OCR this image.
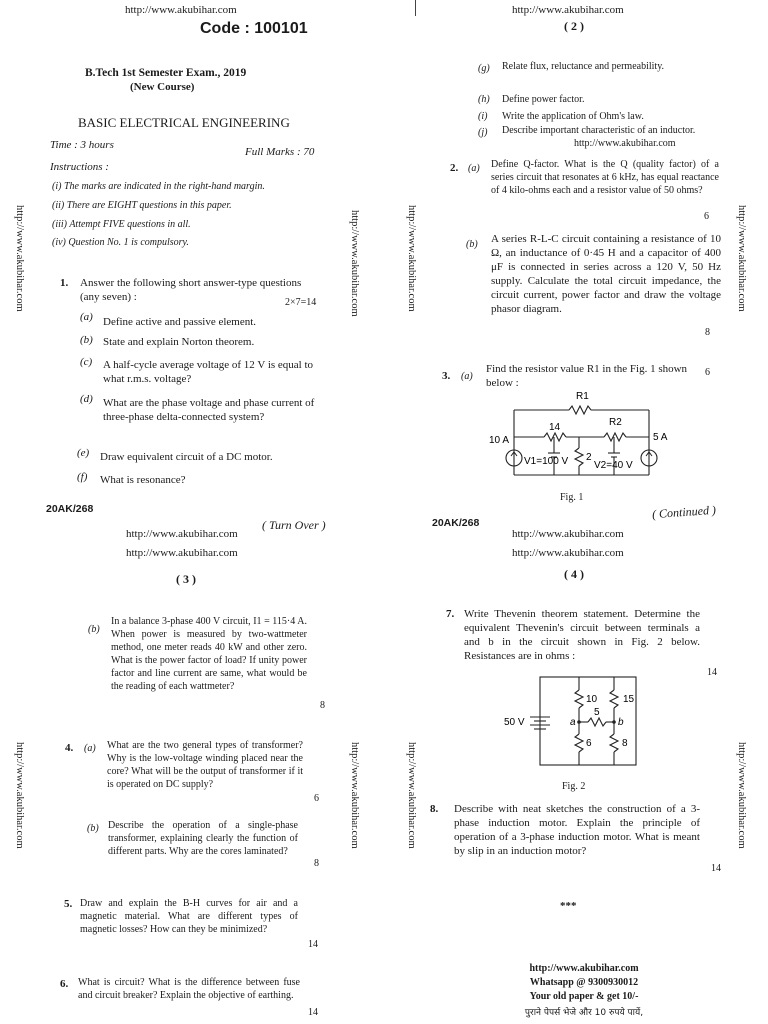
http://www.akubihar.com
Code : 100101
B.Tech 1st Semester Exam., 2019
(New Course)
BASIC ELECTRICAL ENGINEERING
Time : 3 hours
Full Marks : 70
Instructions :
(i) The marks are indicated in the right-hand margin.
(ii) There are EIGHT questions in this paper.
(iii) Attempt FIVE questions in all.
(iv) Question No. 1 is compulsory.
http://www.akubihar.com	http://www.akubihar.com
1. Answer the following short answer-type questions (any seven) :	2×7=14
(a) Define active and passive element.
(b) State and explain Norton theorem.
(c) A half-cycle average voltage of 12 V is equal to what r.m.s. voltage?
(d) What are the phase voltage and phase current of three-phase delta-connected system?
(e) Draw equivalent circuit of a DC motor.
(f) What is resonance?
20AK/268
( Turn Over )
http://www.akubihar.com
( 2 )
http://www.akubihar.com	http://www.akubihar.com
(g) Relate flux, reluctance and permeability.
(h) Define power factor.
(i) Write the application of Ohm's law.
(j) Describe important characteristic of an inductor.
http://www.akubihar.com
2. (a) Define Q-factor. What is the Q (quality factor) of a series circuit that resonates at 6 kHz, has equal reactance of 4 kilo-ohms each and a resistor value of 50 ohms?
6
(b) A series R-L-C circuit containing a resistance of 10 Ω, an inductance of 0·45 H and a capacitor of 400 μF is connected in series across a 120 V, 50 Hz supply. Calculate the total circuit impedance, the circuit current, power factor and draw the voltage phasor diagram.
8
3. (a)
Find the resistor value R1 in the Fig. 1 shown below :
6
R1
R2
14
2
10 A	5 A
V1=100 V	V2=40 V
Fig. 1
20AK/268
( Continued )
http://www.akubihar.com
http://www.akubihar.com
( 3 )
http://www.akubihar.com	http://www.akubihar.com
(b)
In a balance 3-phase 400 V circuit, I1 = 115·4 A. When power is measured by two-wattmeter method, one meter reads 40 kW and other zero. What is the power factor of load? If unity power factor and line current are same, what would be the reading of each wattmeter?
8
4. (a) What are the two general types of transformer? Why is the low-voltage winding placed near the core? What will be the output of transformer if it is operated on DC supply?
6
(b) Describe the operation of a single-phase transformer, explaining clearly the function of different parts. Why are the cores laminated?
8
5. Draw and explain the B-H curves for air and a magnetic material. What are different types of magnetic losses? How can they be minimized?
14
6. What is circuit? What is the difference between fuse and circuit breaker? Explain the objective of earthing.
14
http://www.akubihar.com
http://www.akubihar.com
( 4 )
http://www.akubihar.com	http://www.akubihar.com
7. Write Thevenin theorem statement. Determine the equivalent Thevenin's circuit between terminals a and b in the circuit shown in Fig. 2 below. Resistances are in ohms :
14
10	15
5
6	8
50 V	a	b
Fig. 2
8. Describe with neat sketches the construction of a 3-phase induction motor. Explain the principle of operation of a 3-phase induction motor. What is meant by slip in an induction motor?
14
***
http://www.akubihar.com
Whatsapp @ 9300930012
Your old paper & get 10/-
पुराने पेपर्स भेजे और 10 रुपये पायें,
